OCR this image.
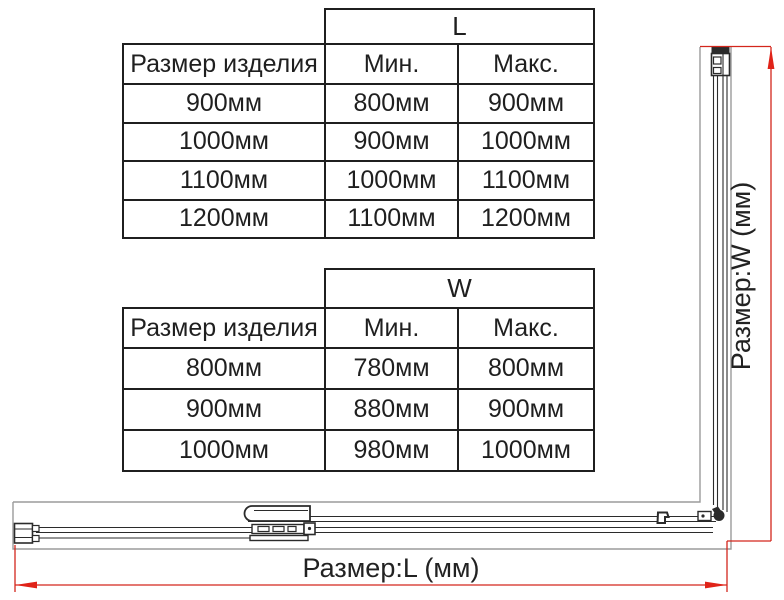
Размер:L (мм)
Размер:W (мм)
	L	
Размер изделия	Мин.	Макс.
900мм	800мм	900мм
1000мм	900мм	1000мм
1100мм	1000мм	1100мм
1200мм	1100мм	1200мм
	W	
Размер изделия	Мин.	Макс.
800мм	780мм	800мм
900мм	880мм	900мм
1000мм	980мм	1000мм
